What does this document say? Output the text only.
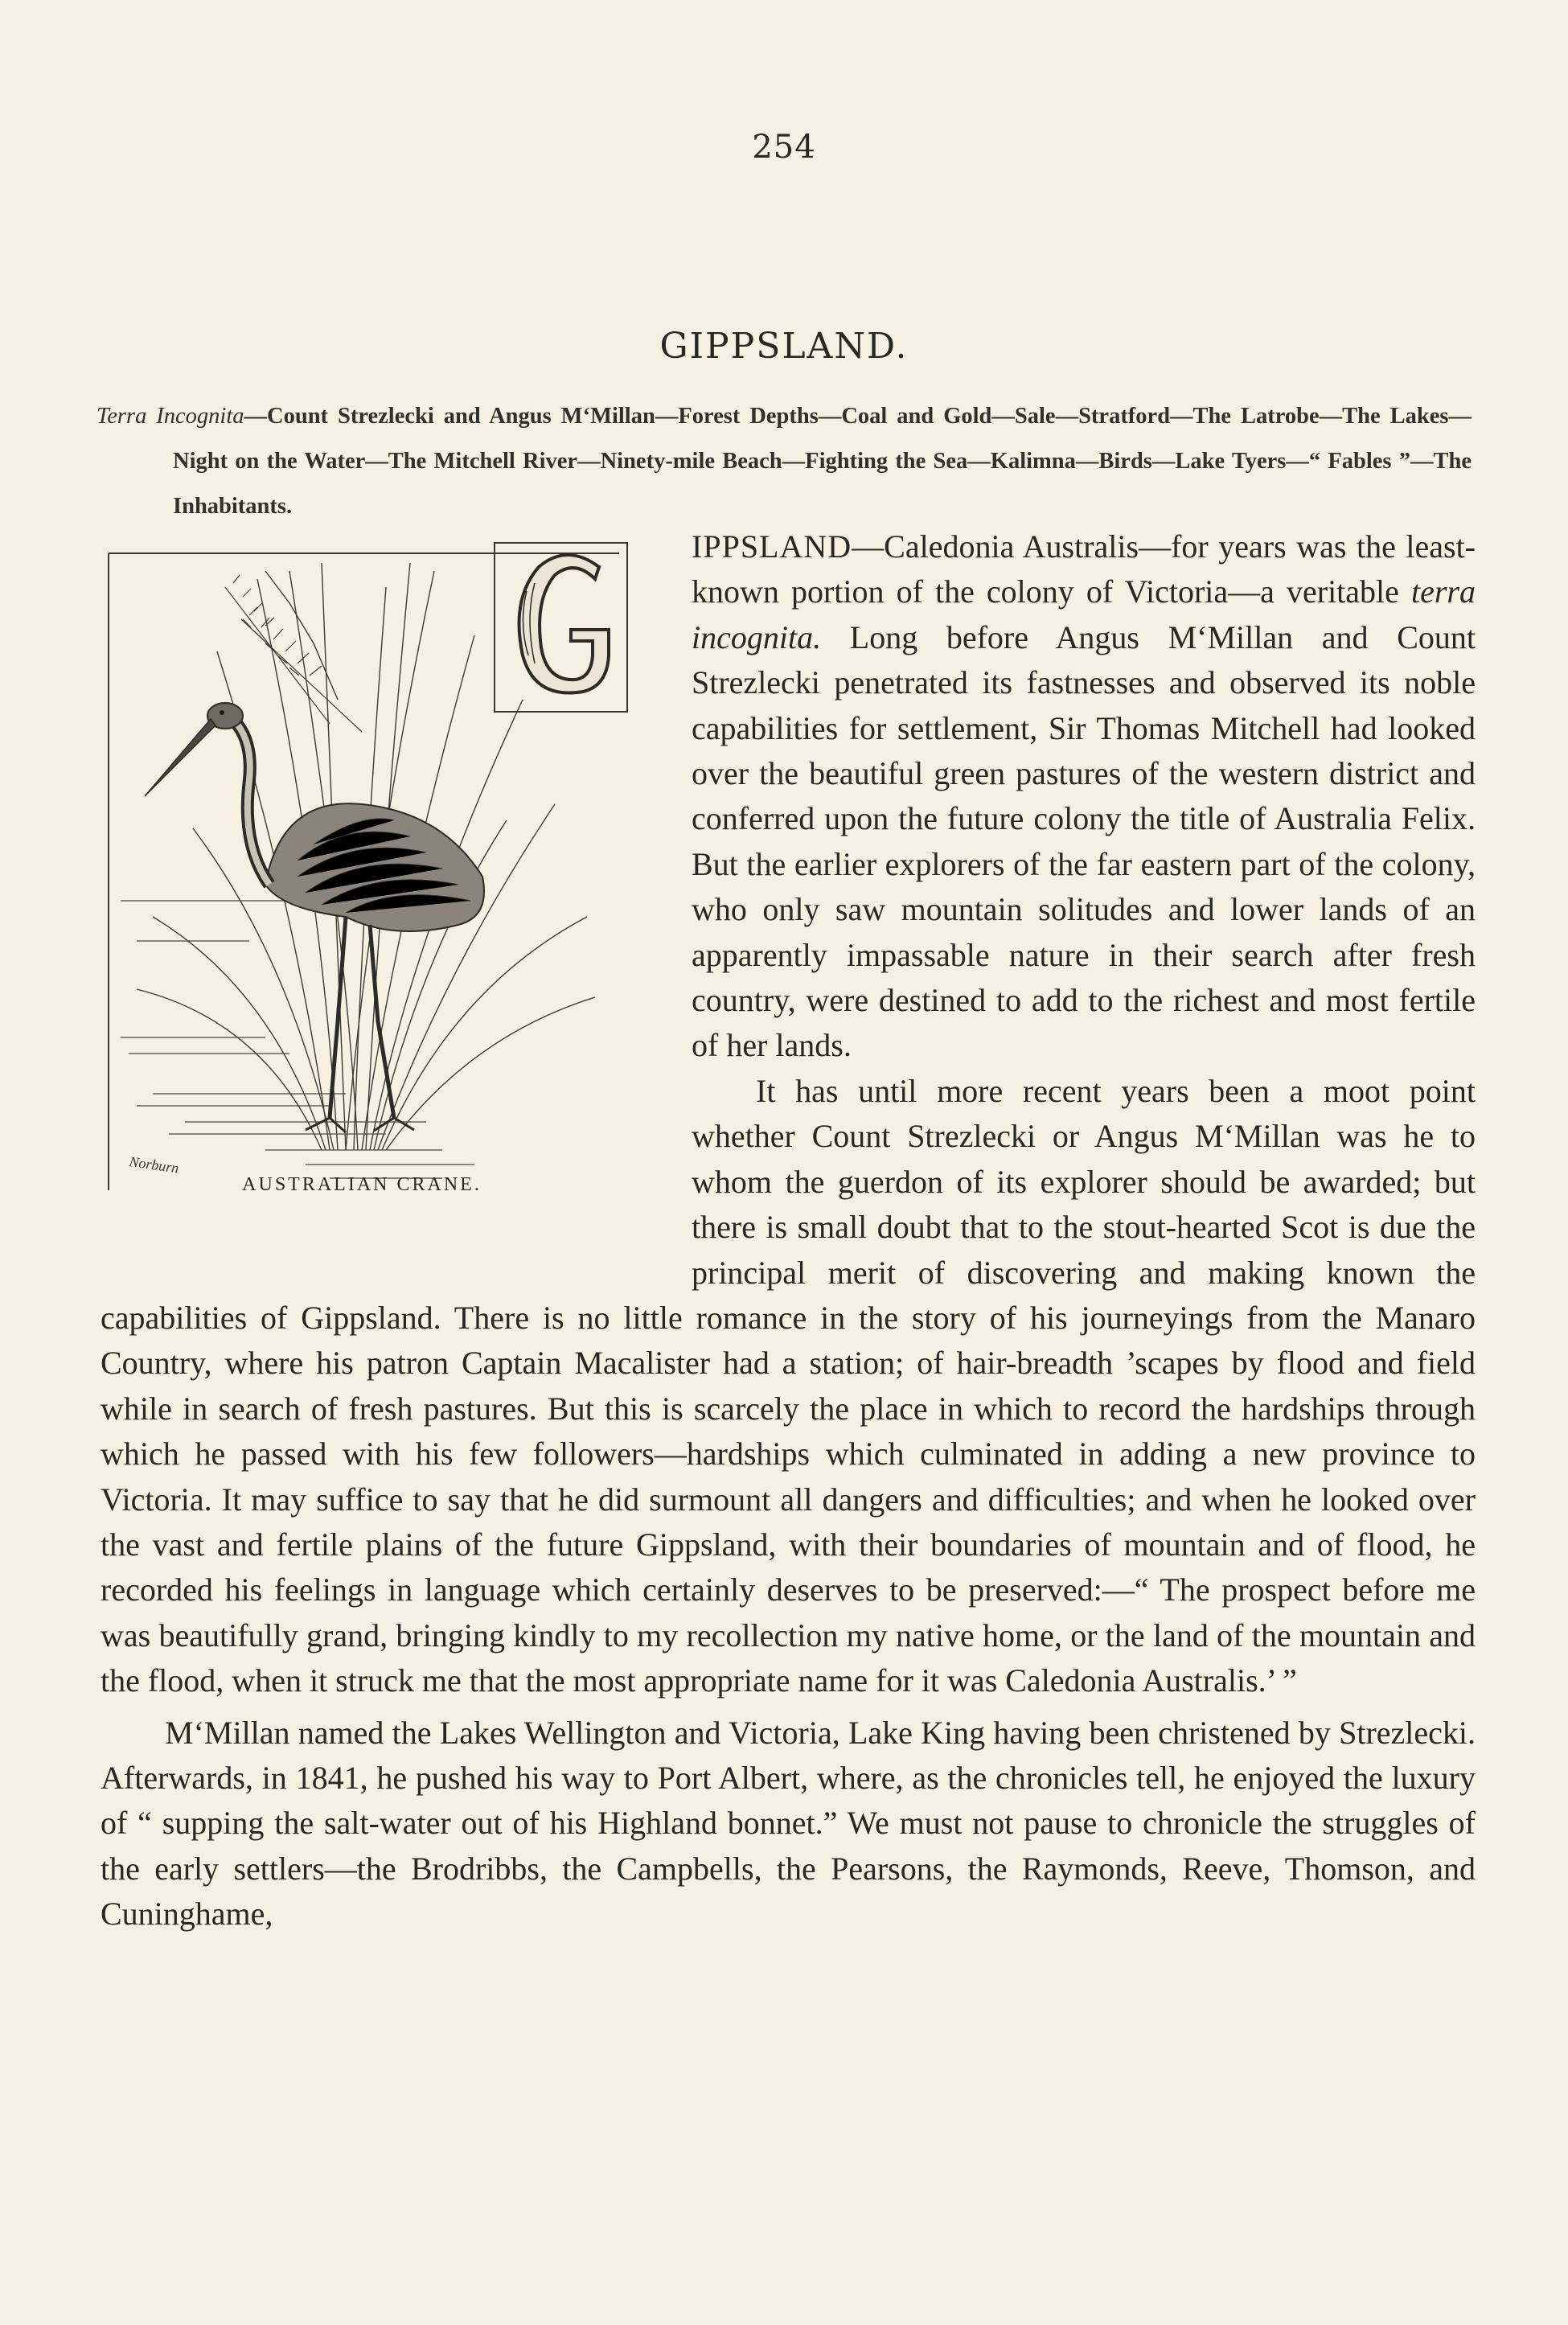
254
GIPPSLAND.
Terra Incognita—Count Strezlecki and Angus M‘Millan—Forest Depths—Coal and Gold—Sale—Stratford—The Latrobe—The Lakes—Night on the Water—The Mitchell River—Ninety-mile Beach—Fighting the Sea—Kalimna—Birds—Lake Tyers—“ Fables ”—The Inhabitants.
Norburn
AUSTRALIAN CRANE.

IPPSLAND—Caledonia Australis—for years was the least-known portion of the colony of Victoria—a veritable terra incognita. Long before Angus M‘Millan and Count Strezlecki penetrated its fastnesses and observed its noble capabilities for settlement, Sir Thomas Mitchell had looked over the beautiful green pastures of the western district and conferred upon the future colony the title of Australia Felix. But the earlier explorers of the far eastern part of the colony, who only saw mountain solitudes and lower lands of an apparently impassable nature in their search after fresh country, were destined to add to the richest and most fertile of her lands.

It has until more recent years been a moot point whether Count Strezlecki or Angus M‘Millan was he to whom the guerdon of its explorer should be awarded; but there is small doubt that to the stout-hearted Scot is due the principal merit of discovering and making known the capabilities of Gippsland. There is no little romance in the story of his journeyings from the Manaro Country, where his patron Captain Macalister had a station; of hair-breadth ’scapes by flood and field while in search of fresh pastures. But this is scarcely the place in which to record the hardships through which he passed with his few followers—hardships which culminated in adding a new province to Victoria. It may suffice to say that he did surmount all dangers and difficulties; and when he looked over the vast and fertile plains of the future Gippsland, with their boundaries of mountain and of flood, he recorded his feelings in language which certainly deserves to be preserved:—“ The prospect before me was beautifully grand, bringing kindly to my recollection my native home, or the land of the mountain and the flood, when it struck me that the most appropriate name for it was Caledonia Australis.’ ”

M‘Millan named the Lakes Wellington and Victoria, Lake King having been christened by Strezlecki. Afterwards, in 1841, he pushed his way to Port Albert, where, as the chronicles tell, he enjoyed the luxury of “ supping the salt-water out of his Highland bonnet.” We must not pause to chronicle the struggles of the early settlers—the Brodribbs, the Campbells, the Pearsons, the Raymonds, Reeve, Thomson, and Cuninghame,
